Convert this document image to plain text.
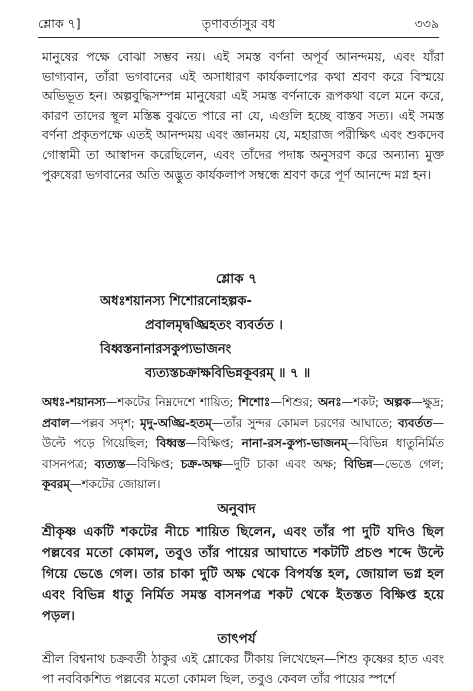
শ্লোক ৭]	তৃণাবর্তাসুর বধ	৩৩৯

মানুষের পক্ষে বোঝা সম্ভব নয়। এই সমস্ত বর্ণনা অপূর্ব আনন্দময়, এবং যাঁরা ভাগ্যবান, তাঁরা ভগবানের এই অসাধারণ কার্যকলাপের কথা শ্রবণ করে বিস্ময়ে অভিভূত হন। অল্পবুদ্ধিসম্পন্ন মানুষেরা এই সমস্ত বর্ণনাকে রূপকথা বলে মনে করে, কারণ তাদের স্থূল মস্তিষ্ক বুঝতে পারে না যে, এগুলি হচ্ছে বাস্তব সত্য। এই সমস্ত বর্ণনা প্রকৃতপক্ষে এতই আনন্দময় এবং জ্ঞানময় যে, মহারাজ পরীক্ষিৎ এবং শুকদেব গোস্বামী তা আস্বাদন করেছিলেন, এবং তাঁদের পদাঙ্ক অনুসরণ করে অন্যান্য মুক্ত পুরুষেরা ভগবানের অতি অদ্ভুত কার্যকলাপ সম্বন্ধে শ্রবণ করে পূর্ণ আনন্দে মগ্ন হন।

শ্লোক ৭
অধঃশয়ানস্য শিশোরনোহল্পক-
প্রবালমৃদ্বঙ্ঘ্রিহতং ব্যবর্তত ।
বিধ্বস্তনানারসকুপ্যভাজনং
ব্যত্যস্তচক্রাক্ষবিভিন্নকূবরম্ ॥ ৭ ॥
অধঃ-শয়ানস্য—শকটের নিম্নদেশে শায়িত; শিশোঃ—শিশুর; অনঃ—শকট; অল্পক—ক্ষুদ্র; প্রবাল—পল্লব সদৃশ; মৃদু-অঙ্ঘ্রি-হতম্—তাঁর সুন্দর কোমল চরণের আঘাতে; ব্যবর্তত—উল্টে পড়ে গিয়েছিল; বিধ্বস্ত—বিক্ষিপ্ত; নানা-রস-কুপ্য-ভাজনম্—বিভিন্ন ধাতুনির্মিত বাসনপত্র; ব্যত্যস্ত—বিক্ষিপ্ত; চক্র-অক্ষ—দুটি চাকা এবং অক্ষ; বিভিন্ন—ভেঙে গেল; কূবরম্—শকটের জোয়াল।
অনুবাদ
শ্রীকৃষ্ণ একটি শকটের নীচে শায়িত ছিলেন, এবং তাঁর পা দুটি যদিও ছিল পল্লবের মতো কোমল, তবুও তাঁর পায়ের আঘাতে শকটটি প্রচণ্ড শব্দে উল্টে গিয়ে ভেঙে গেল। তার চাকা দুটি অক্ষ থেকে বিপর্যস্ত হল, জোয়াল ভগ্ন হল এবং বিভিন্ন ধাতু নির্মিত সমস্ত বাসনপত্র শকট থেকে ইতস্তত বিক্ষিপ্ত হয়ে পড়ল।
তাৎপর্য
শ্রীল বিশ্বনাথ চক্রবর্তী ঠাকুর এই শ্লোকের টীকায় লিখেছেন—শিশু কৃষ্ণের হাত এবং পা নববিকশিত পল্লবের মতো কোমল ছিল, তবুও কেবল তাঁর পায়ের স্পর্শে
